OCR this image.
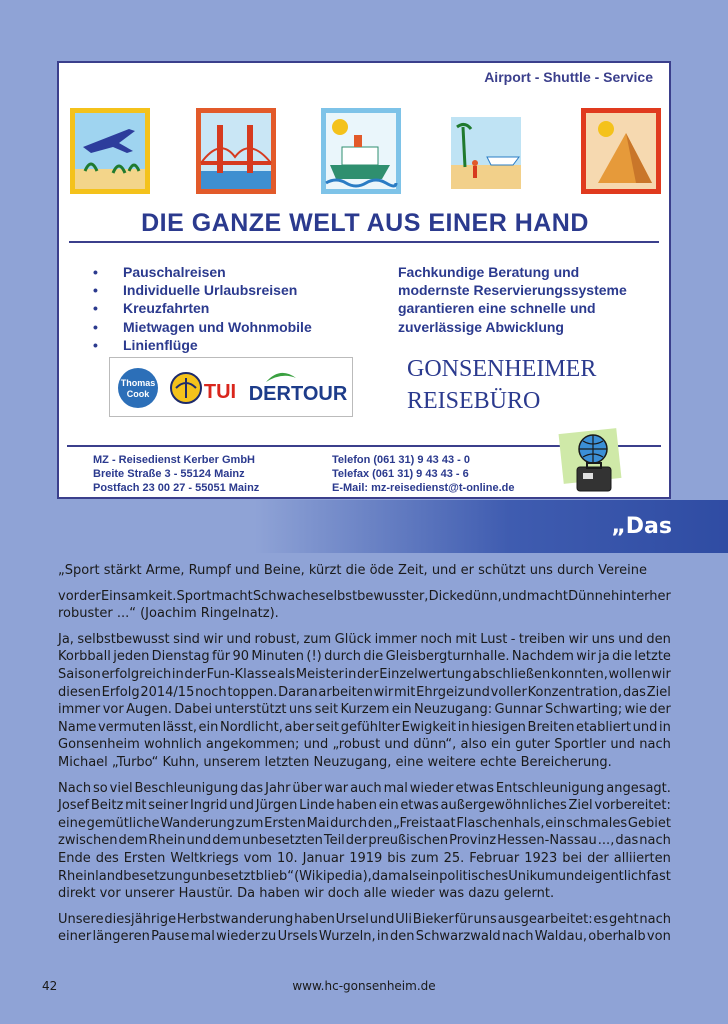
Airport - Shuttle - Service
DIE GANZE WELT AUS EINER HAND
• Pauschalreisen
• Individuelle Urlaubsreisen
• Kreuzfahrten
• Mietwagen und Wohnmobile
• Linienflüge
Fachkundige Beratung und
modernste Reservierungssysteme
garantieren eine schnelle und
zuverlässige Abwicklung
Thomas
Cook	TUI DERTOUR
GONSENHEIMER
REISEBÜRO
MZ - Reisedienst Kerber GmbH
Breite Straße 3 - 55124 Mainz
Postfach 23 00 27 - 55051 Mainz
Telefon (061 31) 9 43 43 - 0
Telefax (061 31) 9 43 43 - 6
E-Mail: mz-reisedienst@t-online.de
„Das

„Sport stärkt Arme, Rumpf und Beine, kürzt die öde Zeit, und er schützt uns durch Vereine

vor der Einsamkeit. Sport macht Schwache selbstbewusster, Dicke dünn, und macht Dünne hinterher
robuster ...“ (Joachim Ringelnatz).

Ja, selbstbewusst sind wir und robust, zum Glück immer noch mit Lust - treiben wir uns und den
Korbball jeden Dienstag für 90 Minuten (!) durch die Gleisbergturnhalle. Nachdem wir ja die letzte
Saison erfolgreich in der Fun-Klasse als Meister in der Einzelwertung abschließen konnten, wollen wir
diesen Erfolg 2014/15 noch toppen. Daran arbeiten wir mit Ehrgeiz und voller Konzentration, das Ziel
immer vor Augen. Dabei unterstützt uns seit Kurzem ein Neuzugang: Gunnar Schwarting; wie der
Name vermuten lässt, ein Nordlicht, aber seit gefühlter Ewigkeit in hiesigen Breiten etabliert und in
Gonsenheim wohnlich angekommen; und „robust und dünn“, also ein guter Sportler und nach
Michael „Turbo“ Kuhn, unserem letzten Neuzugang, eine weitere echte Bereicherung.

Nach so viel Beschleunigung das Jahr über war auch mal wieder etwas Entschleunigung angesagt.
Josef Beitz mit seiner Ingrid und Jürgen Linde haben ein etwas außergewöhnliches Ziel vorbereitet:
eine gemütliche Wanderung zum Ersten Mai durch den „Freistaat Flaschenhals, ein schmales Gebiet
zwischen dem Rhein und dem unbesetzten Teil der preußischen Provinz Hessen-Nassau ..., das nach
Ende des Ersten Weltkriegs vom 10. Januar 1919 bis zum 25. Februar 1923 bei der alliierten
Rheinlandbesetzung unbesetzt blieb“ (Wikipedia), damals ein politisches Unikum und eigentlich fast
direkt vor unserer Haustür. Da haben wir doch alle wieder was dazu gelernt.

Unsere diesjährige Herbstwanderung haben Ursel und Uli Bieker für uns ausgearbeitet: es geht nach
einer längeren Pause mal wieder zu Ursels Wurzeln, in den Schwarzwald nach Waldau, oberhalb von

42	www.hc-gonsenheim.de
